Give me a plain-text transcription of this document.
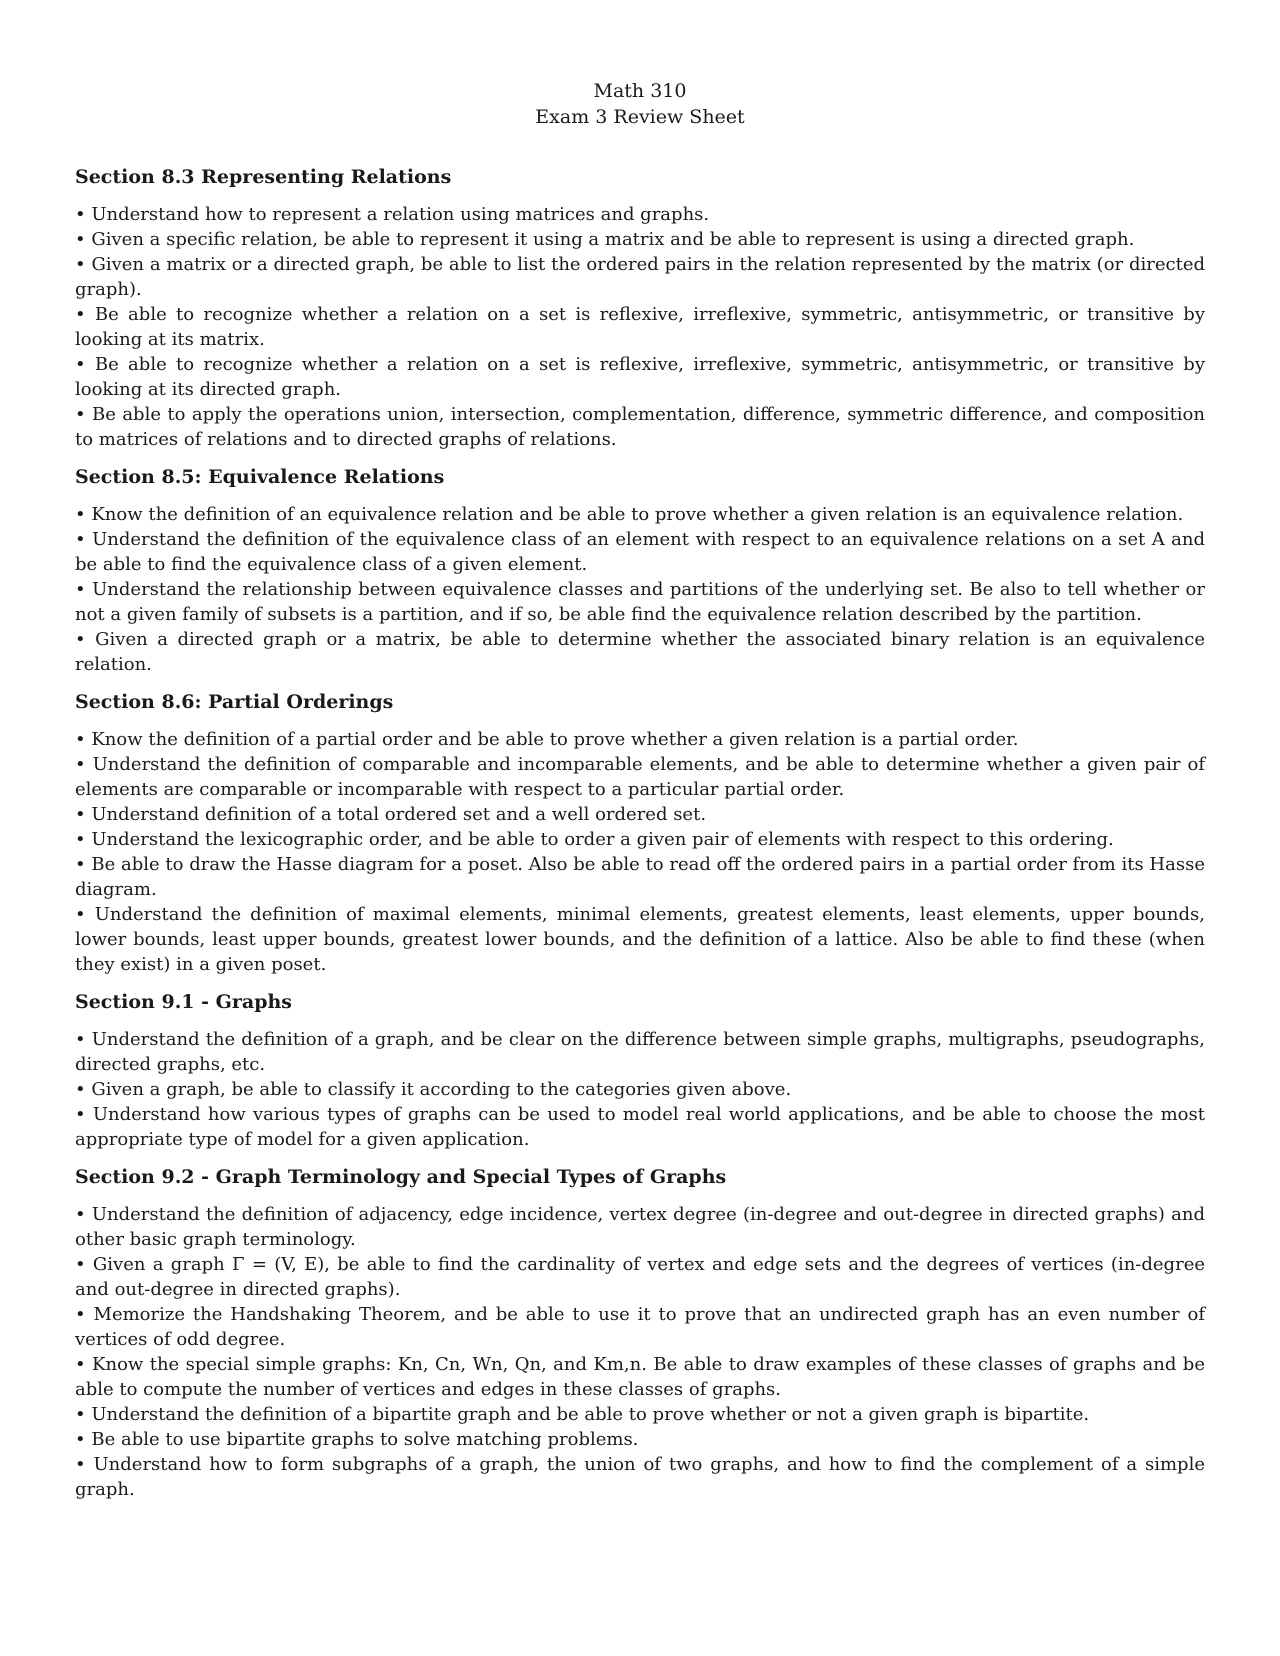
Math 310
Exam 3 Review Sheet
Section 8.3 Representing Relations
• Understand how to represent a relation using matrices and graphs.
• Given a specific relation, be able to represent it using a matrix and be able to represent is using a directed graph.
• Given a matrix or a directed graph, be able to list the ordered pairs in the relation represented by the matrix (or directed graph).
• Be able to recognize whether a relation on a set is reflexive, irreflexive, symmetric, antisymmetric, or transitive by looking at its matrix.
• Be able to recognize whether a relation on a set is reflexive, irreflexive, symmetric, antisymmetric, or transitive by looking at its directed graph.
• Be able to apply the operations union, intersection, complementation, difference, symmetric difference, and composition to matrices of relations and to directed graphs of relations.
Section 8.5: Equivalence Relations
• Know the definition of an equivalence relation and be able to prove whether a given relation is an equivalence relation.
• Understand the definition of the equivalence class of an element with respect to an equivalence relations on a set A and be able to find the equivalence class of a given element.
• Understand the relationship between equivalence classes and partitions of the underlying set. Be also to tell whether or not a given family of subsets is a partition, and if so, be able find the equivalence relation described by the partition.
• Given a directed graph or a matrix, be able to determine whether the associated binary relation is an equivalence relation.
Section 8.6: Partial Orderings
• Know the definition of a partial order and be able to prove whether a given relation is a partial order.
• Understand the definition of comparable and incomparable elements, and be able to determine whether a given pair of elements are comparable or incomparable with respect to a particular partial order.
• Understand definition of a total ordered set and a well ordered set.
• Understand the lexicographic order, and be able to order a given pair of elements with respect to this ordering.
• Be able to draw the Hasse diagram for a poset. Also be able to read off the ordered pairs in a partial order from its Hasse diagram.
• Understand the definition of maximal elements, minimal elements, greatest elements, least elements, upper bounds, lower bounds, least upper bounds, greatest lower bounds, and the definition of a lattice. Also be able to find these (when they exist) in a given poset.
Section 9.1 - Graphs
• Understand the definition of a graph, and be clear on the difference between simple graphs, multigraphs, pseudographs, directed graphs, etc.
• Given a graph, be able to classify it according to the categories given above.
• Understand how various types of graphs can be used to model real world applications, and be able to choose the most appropriate type of model for a given application.
Section 9.2 - Graph Terminology and Special Types of Graphs
• Understand the definition of adjacency, edge incidence, vertex degree (in-degree and out-degree in directed graphs) and other basic graph terminology.
• Given a graph Γ = (V, E), be able to find the cardinality of vertex and edge sets and the degrees of vertices (in-degree and out-degree in directed graphs).
• Memorize the Handshaking Theorem, and be able to use it to prove that an undirected graph has an even number of vertices of odd degree.
• Know the special simple graphs: Kn, Cn, Wn, Qn, and Km,n. Be able to draw examples of these classes of graphs and be able to compute the number of vertices and edges in these classes of graphs.
• Understand the definition of a bipartite graph and be able to prove whether or not a given graph is bipartite.
• Be able to use bipartite graphs to solve matching problems.
• Understand how to form subgraphs of a graph, the union of two graphs, and how to find the complement of a simple graph.
